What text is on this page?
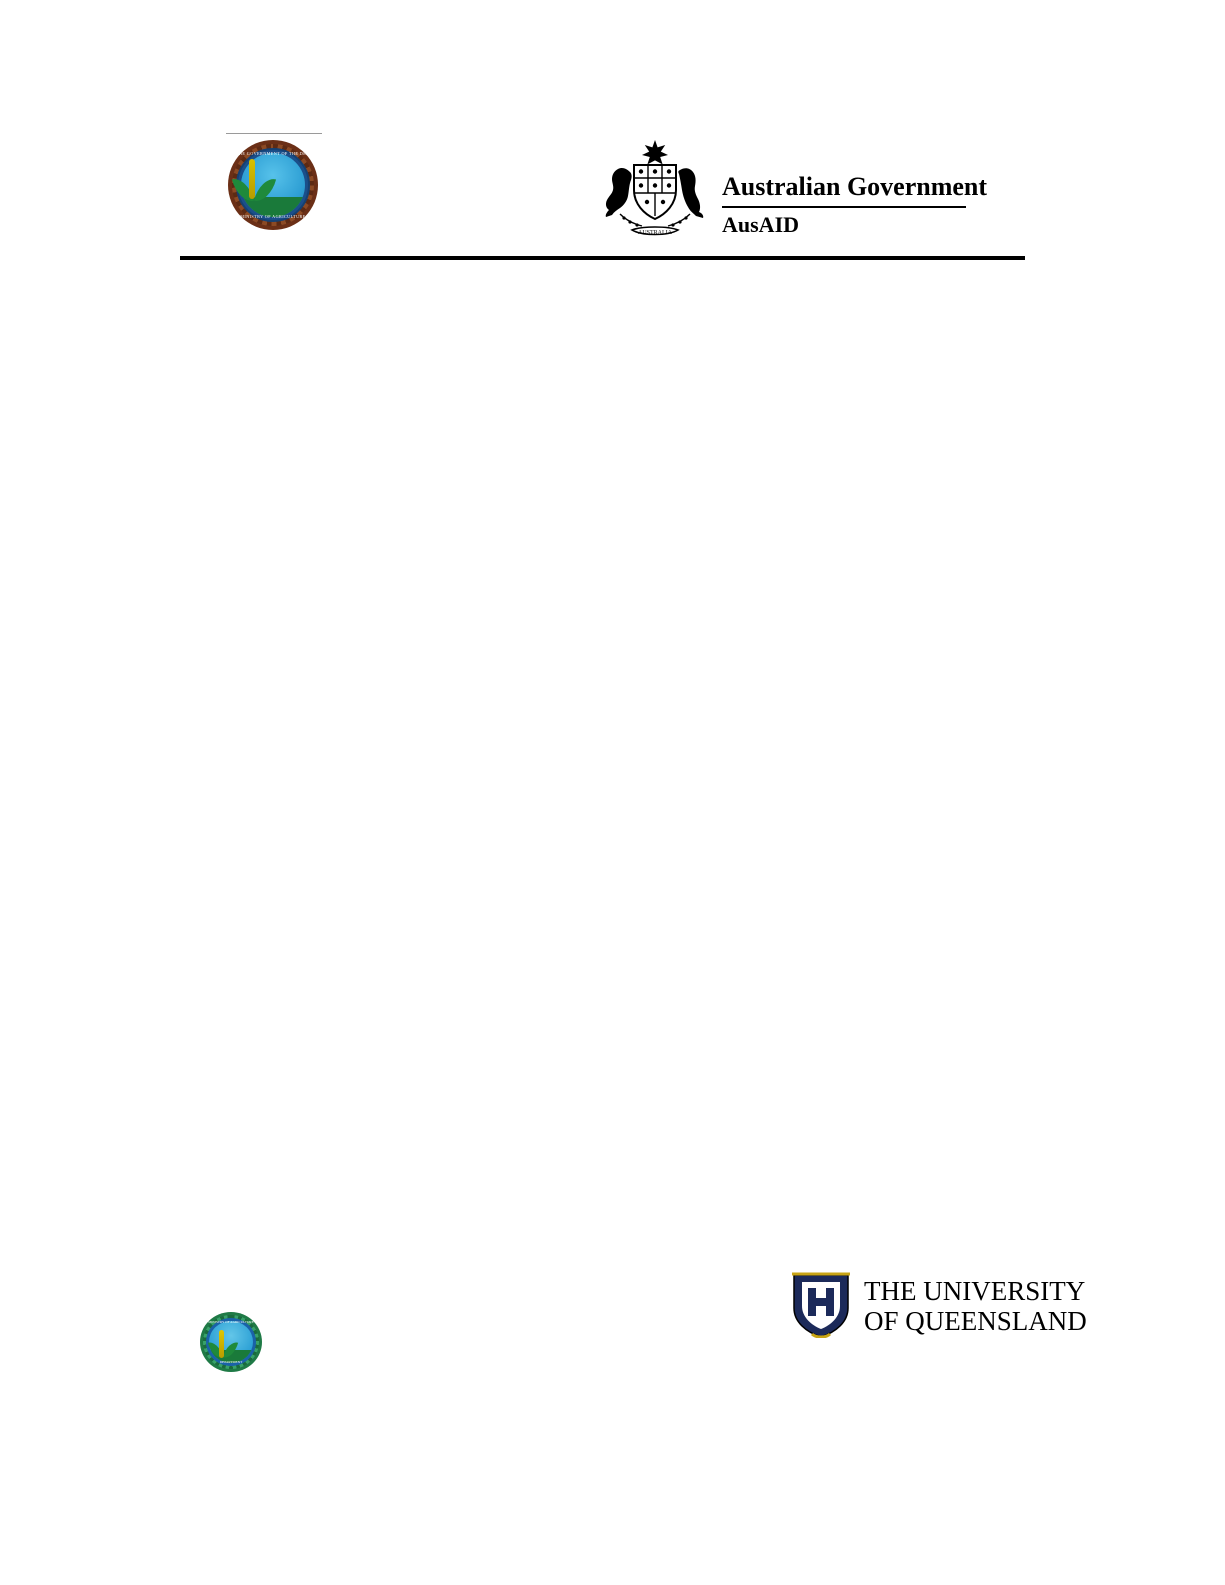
THE GOVERNMENT OF THE DEMOCRATIC REPUBLIC
MINISTRY OF AGRICULTURE
AUSTRALIA
Australian Government
AusAID
THE UNIVERSITY
OF QUEENSLAND
MINISTRY OF AGRICULTURE
DEPARTMENT
